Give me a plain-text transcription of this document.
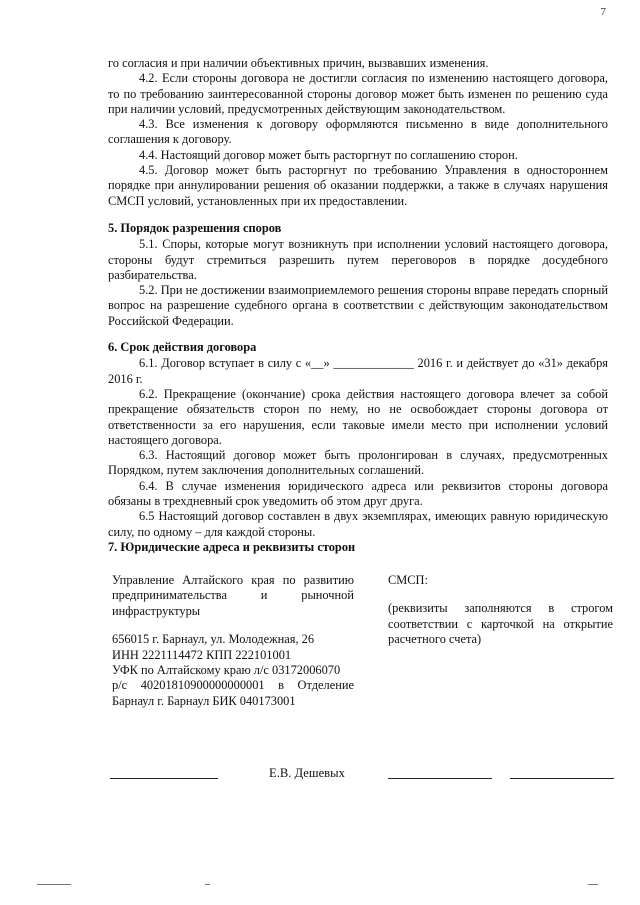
7

го согласия и при наличии объективных причин, вызвавших изменения.

4.2. Если стороны договора не достигли согласия по изменению настоящего договора, то по требованию заинтересованной стороны договор может быть изменен по решению суда при наличии условий, предусмотренных действующим законодательством.

4.3. Все изменения к договору оформляются письменно в виде дополнительного соглашения к договору.

4.4. Настоящий договор может быть расторгнут по соглашению сторон.

4.5. Договор может быть расторгнут по требованию Управления в одностороннем порядке при аннулировании решения об оказании поддержки, а также в случаях нарушения СМСП условий, установленных при их предоставлении.

5. Порядок разрешения споров

5.1. Споры, которые могут возникнуть при исполнении условий настоящего договора, стороны будут стремиться разрешить путем переговоров в порядке досудебного разбирательства.

5.2. При не достижении взаимоприемлемого решения стороны вправе передать спорный вопрос на разрешение судебного органа в соответствии с действующим законодательством Российской Федерации.

6. Срок действия договора

6.1. Договор вступает в силу с «__» _____________ 2016 г. и действует до «31» декабря 2016 г.

6.2. Прекращение (окончание) срока действия настоящего договора влечет за собой прекращение обязательств сторон по нему, но не освобождает стороны договора от ответственности за его нарушения, если таковые имели место при исполнении условий настоящего договора.

6.3. Настоящий договор может быть пролонгирован в случаях, предусмотренных Порядком, путем заключения дополнительных соглашений.

6.4. В случае изменения юридического адреса или реквизитов стороны договора обязаны в трехдневный срок уведомить об этом друг друга.

6.5 Настоящий договор составлен в двух экземплярах, имеющих равную юридическую силу, по одному – для каждой стороны.

7. Юридические адреса и реквизиты сторон

Управление Алтайского края по развитию предпринимательства и рыночной инфраструктуры

656015 г. Барнаул, ул. Молодежная, 26

ИНН 2221114472 КПП 222101001

УФК по Алтайскому краю л/с 03172006070

р/с 40201810900000000001 в Отделение Барнаул г. Барнаул БИК 040173001

СМСП:

(реквизиты заполняются в строгом соответствии с карточкой на открытие расчетного счета)

Е.В. Дешевых
